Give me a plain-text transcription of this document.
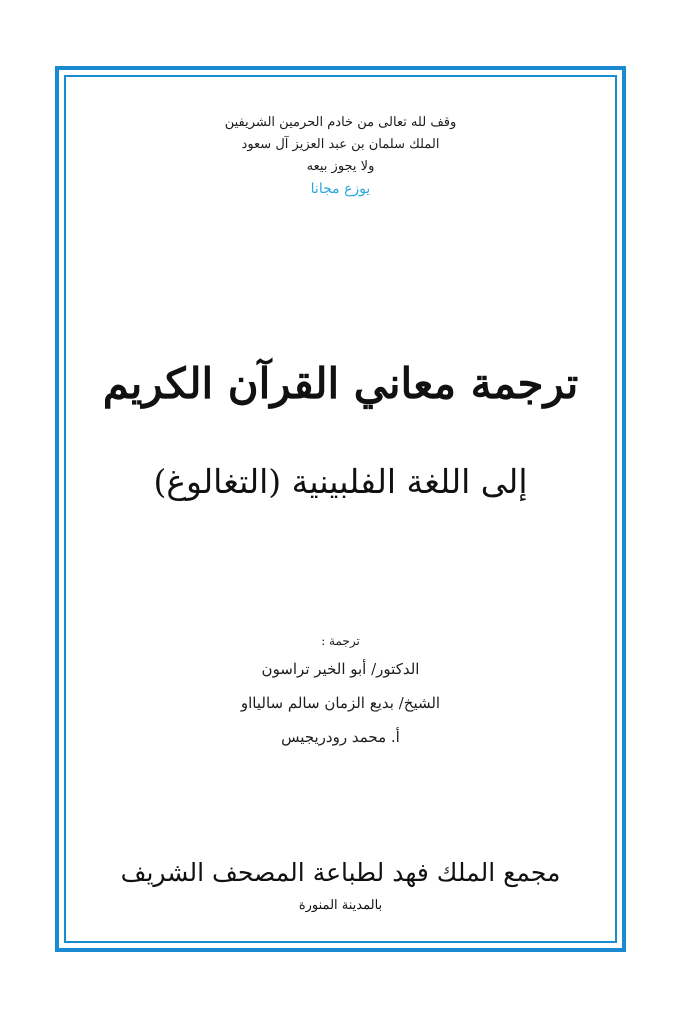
وقف لله تعالى من خادم الحرمين الشريفين
الملك سلمان بن عبد العزيز آل سعود
ولا يجوز بيعه
يوزع مجانا
ترجمة معاني القرآن الكريم
إلى اللغة الفلبينية (التغالوغ)
ترجمة :
الدكتور/ أبو الخير تراسون
الشيخ/ بديع الزمان سالم ساليااو
أ. محمد رودريجيس
مجمع الملك فهد لطباعة المصحف الشريف
بالمدينة المنورة
